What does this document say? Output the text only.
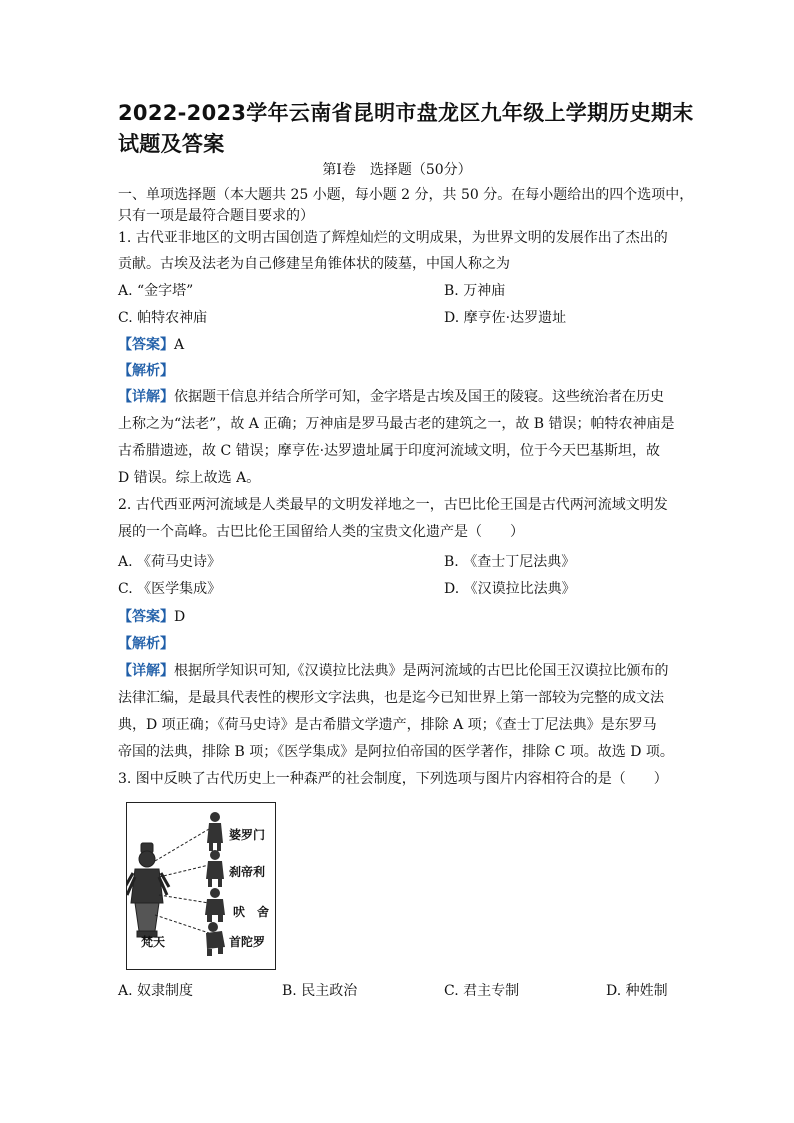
2022-2023学年云南省昆明市盘龙区九年级上学期历史期末
试题及答案
第Ⅰ卷　选择题（50分）
一、单项选择题（本大题共 25 小题，每小题 2 分，共 50 分。在每小题给出的四个选项中，
只有一项是最符合题目要求的）
1. 古代亚非地区的文明古国创造了辉煌灿烂的文明成果，为世界文明的发展作出了杰出的
贡献。古埃及法老为自己修建呈角锥体状的陵墓，中国人称之为
A. “金字塔”	B. 万神庙
C. 帕特农神庙	D. 摩亨佐·达罗遗址
【答案】A
【解析】
【详解】依据题干信息并结合所学可知，金字塔是古埃及国王的陵寝。这些统治者在历史
上称之为“法老”，故 A 正确；万神庙是罗马最古老的建筑之一，故 B 错误；帕特农神庙是
古希腊遗迹，故 C 错误；摩亨佐·达罗遗址属于印度河流域文明，位于今天巴基斯坦，故
D 错误。综上故选 A。
2. 古代西亚两河流域是人类最早的文明发祥地之一，古巴比伦王国是古代两河流域文明发
展的一个高峰。古巴比伦王国留给人类的宝贵文化遗产是（　　）
A. 《荷马史诗》	B. 《查士丁尼法典》
C. 《医学集成》	D. 《汉谟拉比法典》
【答案】D
【解析】
【详解】根据所学知识可知,《汉谟拉比法典》是两河流域的古巴比伦国王汉谟拉比颁布的
法律汇编，是最具代表性的楔形文字法典，也是迄今已知世界上第一部较为完整的成文法
典，D 项正确；《荷马史诗》是古希腊文学遗产，排除 A 项；《查士丁尼法典》是东罗马
帝国的法典，排除 B 项；《医学集成》是阿拉伯帝国的医学著作，排除 C 项。故选 D 项。
3. 图中反映了古代历史上一种森严的社会制度，下列选项与图片内容相符合的是（　　）
婆罗门
刹帝利
吠　舍
首陀罗
梵天
A. 奴隶制度	B. 民主政治	C. 君主专制	D. 种姓制
